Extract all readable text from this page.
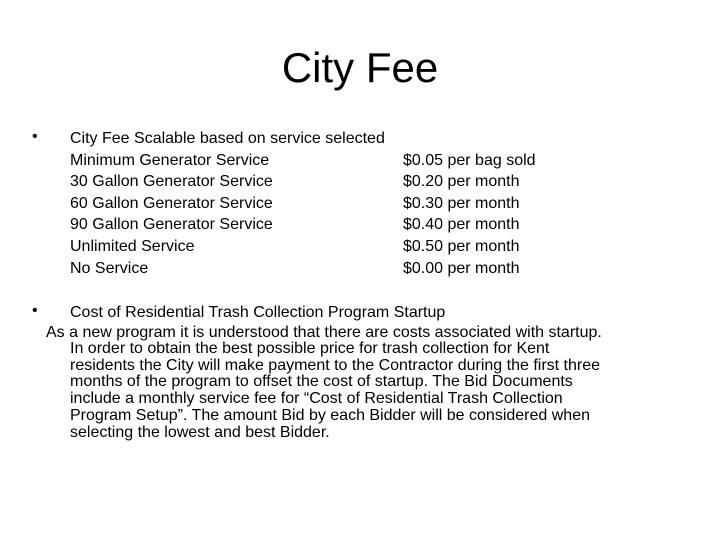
City Fee
• City Fee Scalable based on service selected
Minimum Generator Service	$0.05 per bag sold
30 Gallon Generator Service	$0.20 per month
60 Gallon Generator Service	$0.30 per month
90 Gallon Generator Service	$0.40 per month
Unlimited Service	$0.50 per month
No Service	$0.00 per month
• Cost of Residential Trash Collection Program Startup
As a new program it is understood that there are costs associated with startup.
In order to obtain the best possible price for trash collection for Kent
residents the City will make payment to the Contractor during the first three
months of the program to offset the cost of startup. The Bid Documents
include a monthly service fee for “Cost of Residential Trash Collection
Program Setup”. The amount Bid by each Bidder will be considered when
selecting the lowest and best Bidder.
